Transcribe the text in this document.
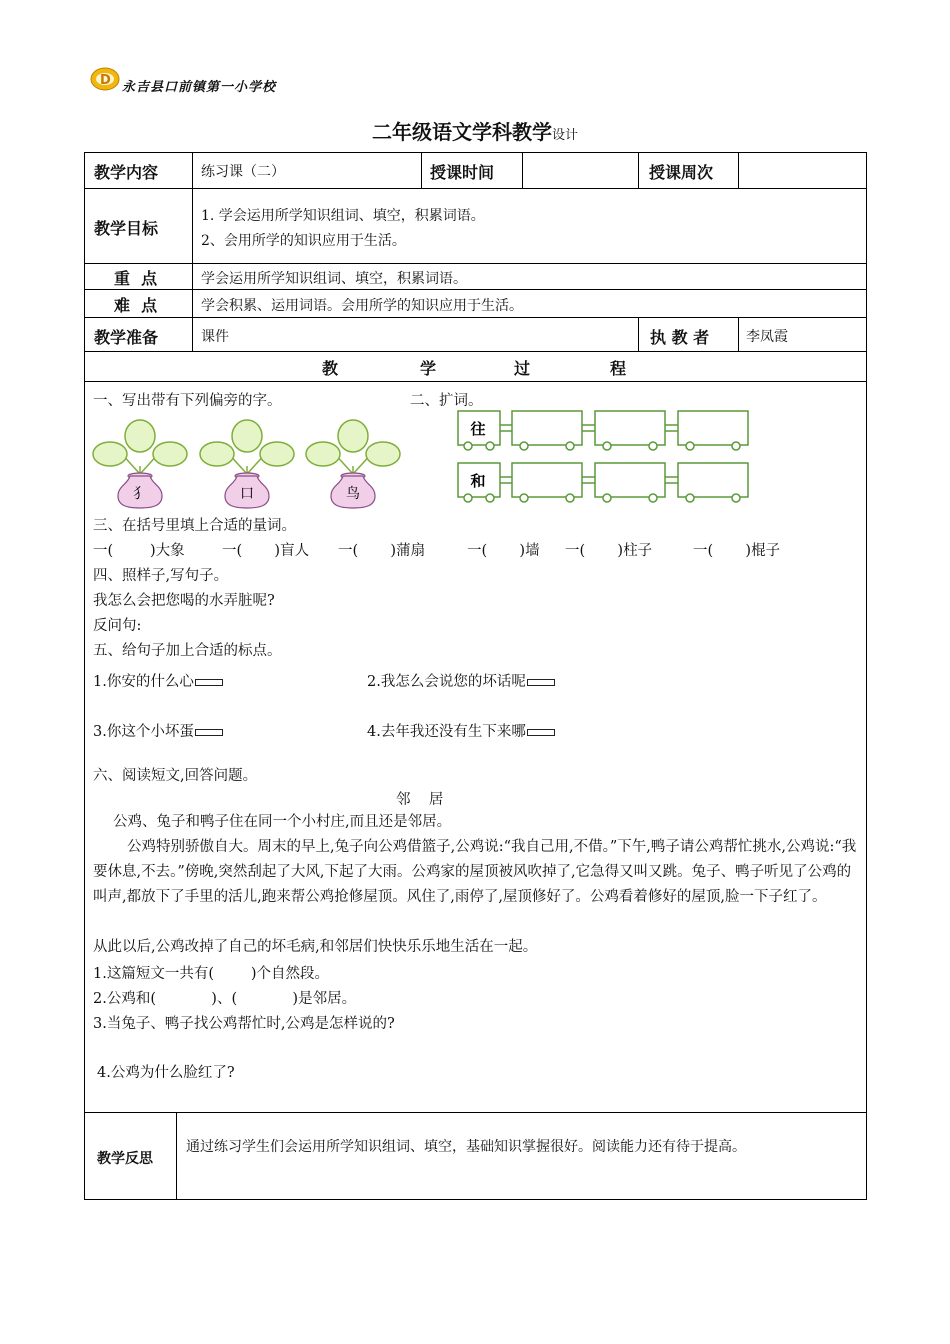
D 永吉县口前镇第一小学校
二年级语文学科教学设计
教学内容	练习课（二）	授课时间	授课周次
教学目标
1. 学会运用所学知识组词、填空，积累词语。
2、会用所学的知识应用于生活。
重  点	学会运用所学知识组词、填空，积累词语。
难  点	学会积累、运用词语。会用所学的知识应用于生活。
教学准备	课件	执 教 者	李凤霞
教	学	过	程
一、写出带有下列偏旁的字。	二、扩词。
犭	口	鸟
往
和
三、在括号里填上合适的量词。
一(        )大象	一(       )盲人 一(       )蒲扇	一(       )墙 一(       )柱子	一(       )棍子
四、照样子,写句子。
我怎么会把您喝的水弄脏呢?
反问句:
五、给句子加上合适的标点。
1.你安的什么心	2.我怎么会说您的坏话呢
3.你这个小坏蛋	4.去年我还没有生下来哪
六、阅读短文,回答问题。
邻    居
公鸡、兔子和鸭子住在同一个小村庄,而且还是邻居。
公鸡特别骄傲自大。周末的早上,兔子向公鸡借篮子,公鸡说:“我自己用,不借。”下午,鸭子请公鸡帮忙挑水,公鸡说:“我要休息,不去。”傍晚,突然刮起了大风,下起了大雨。公鸡家的屋顶被风吹掉了,它急得又叫又跳。兔子、鸭子听见了公鸡的叫声,都放下了手里的活儿,跑来帮公鸡抢修屋顶。风住了,雨停了,屋顶修好了。公鸡看着修好的屋顶,脸一下子红了。
从此以后,公鸡改掉了自己的坏毛病,和邻居们快快乐乐地生活在一起。
1.这篇短文一共有(        )个自然段。
2.公鸡和(            )、(            )是邻居。
3.当兔子、鸭子找公鸡帮忙时,公鸡是怎样说的?
4.公鸡为什么脸红了?
教学反思
通过练习学生们会运用所学知识组词、填空，基础知识掌握很好。阅读能力还有待于提高。
